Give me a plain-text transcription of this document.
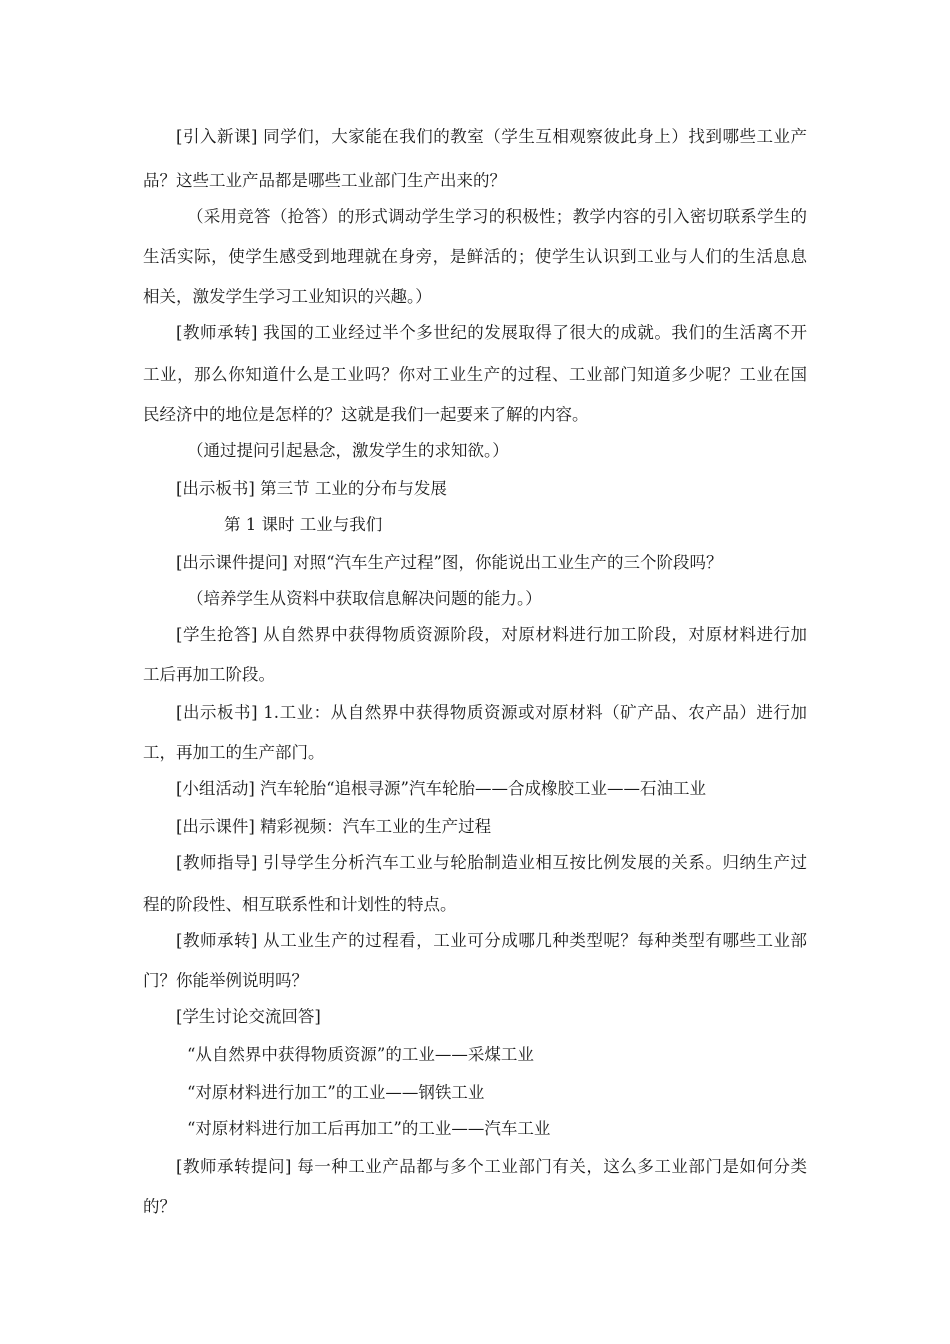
[引入新课] 同学们，大家能在我们的教室（学生互相观察彼此身上）找到哪些工业产
品？这些工业产品都是哪些工业部门生产出来的？
（采用竞答（抢答）的形式调动学生学习的积极性；教学内容的引入密切联系学生的
生活实际，使学生感受到地理就在身旁，是鲜活的；使学生认识到工业与人们的生活息息
相关，激发学生学习工业知识的兴趣。）
[教师承转] 我国的工业经过半个多世纪的发展取得了很大的成就。我们的生活离不开
工业，那么你知道什么是工业吗？你对工业生产的过程、工业部门知道多少呢？工业在国
民经济中的地位是怎样的？这就是我们一起要来了解的内容。
（通过提问引起悬念，激发学生的求知欲。）
[出示板书] 第三节 工业的分布与发展
第 1 课时 工业与我们
[出示课件提问] 对照“汽车生产过程”图，你能说出工业生产的三个阶段吗？
（培养学生从资料中获取信息解决问题的能力。）
[学生抢答] 从自然界中获得物质资源阶段，对原材料进行加工阶段，对原材料进行加
工后再加工阶段。
[出示板书] 1.工业：从自然界中获得物质资源或对原材料（矿产品、农产品）进行加
工，再加工的生产部门。
[小组活动] 汽车轮胎“追根寻源”汽车轮胎——合成橡胶工业——石油工业
[出示课件] 精彩视频：汽车工业的生产过程
[教师指导] 引导学生分析汽车工业与轮胎制造业相互按比例发展的关系。归纳生产过
程的阶段性、相互联系性和计划性的特点。
[教师承转] 从工业生产的过程看，工业可分成哪几种类型呢？每种类型有哪些工业部
门？你能举例说明吗？
[学生讨论交流回答]
“从自然界中获得物质资源”的工业——采煤工业
“对原材料进行加工”的工业——钢铁工业
“对原材料进行加工后再加工”的工业——汽车工业
[教师承转提问] 每一种工业产品都与多个工业部门有关，这么多工业部门是如何分类
的？
